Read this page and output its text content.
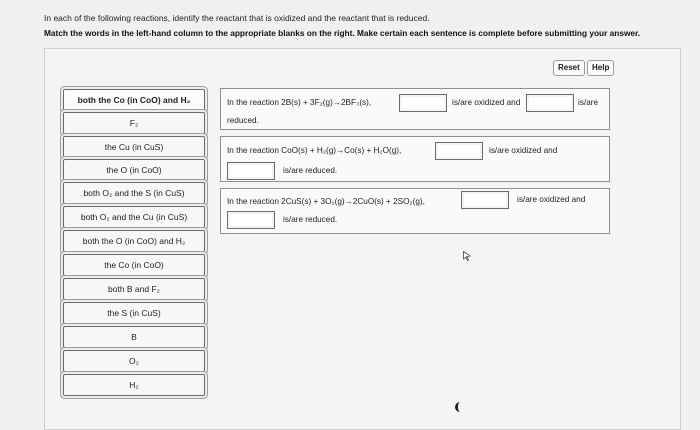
In each of the following reactions, identify the reactant that is oxidized and the reactant that is reduced.
Match the words in the left-hand column to the appropriate blanks on the right. Make certain each sentence is complete before submitting your answer.
Reset	Help
both the Co (in CoO) and H₂
F₂
the Cu (in CuS)
the O (in CoO)
both O₂ and the S (in CuS)
both O₂ and the Cu (in CuS)
both the O (in CoO) and H₂
the Co (in CoO)
both B and F₂
the S (in CuS)
B
O₂
H₂
In the reaction 2B(s) + 3F₂(g)→2BF₃(s),	is/are oxidized and	is/are
reduced.
In the reaction CoO(s) + H₂(g)→Co(s) + H₂O(g),	is/are oxidized and
is/are reduced.
In the reaction 2CuS(s) + 3O₂(g)→2CuO(s) + 2SO₂(g),	is/are oxidized and
is/are reduced.
